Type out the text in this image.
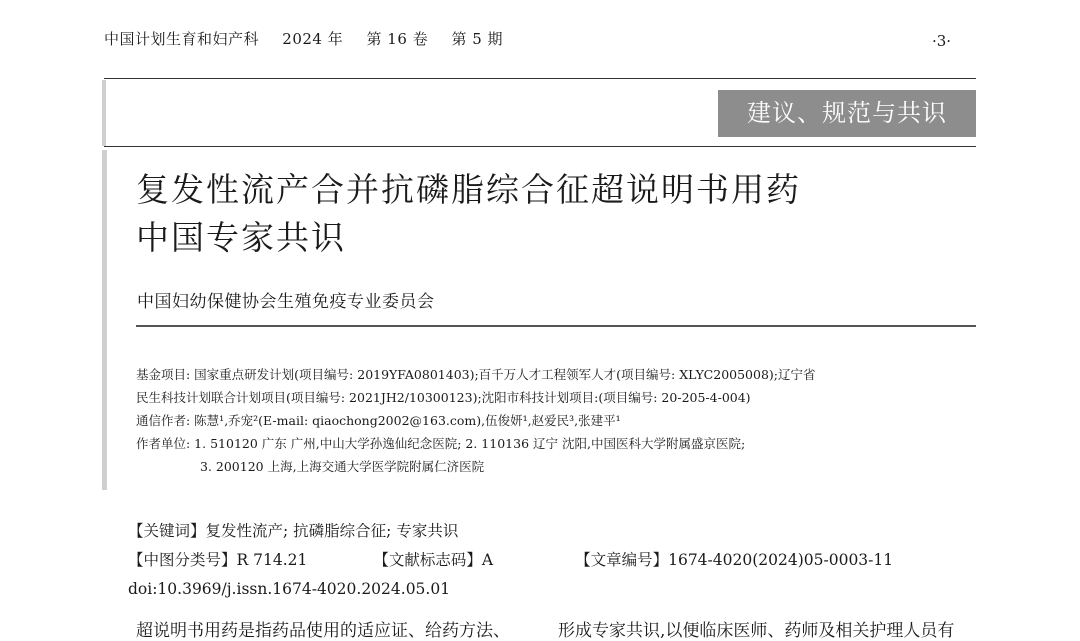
中国计划生育和妇产科 2024 年 第 16 卷 第 5 期	·3·
建议、规范与共识
复发性流产合并抗磷脂综合征超说明书用药
中国专家共识
中国妇幼保健协会生殖免疫专业委员会
基金项目: 国家重点研发计划(项目编号: 2019YFA0801403);百千万人才工程领军人才(项目编号: XLYC2005008);辽宁省
民生科技计划联合计划项目(项目编号: 2021JH2/10300123);沈阳市科技计划项目:(项目编号: 20-205-4-004)
通信作者: 陈慧¹,乔宠²(E-mail: qiaochong2002@163.com),伍俊妍¹,赵爱民³,张建平¹
作者单位: 1. 510120 广东 广州,中山大学孙逸仙纪念医院; 2. 110136 辽宁 沈阳,中国医科大学附属盛京医院;
3. 200120 上海,上海交通大学医学院附属仁济医院
【关键词】复发性流产; 抗磷脂综合征; 专家共识
【中图分类号】R 714.21	【文献标志码】A	【文章编号】1674-4020(2024)05-0003-11
doi:10.3969/j.issn.1674-4020.2024.05.01
超说明书用药是指药品使用的适应证、给药方法、	形成专家共识,以便临床医师、药师及相关护理人员有
